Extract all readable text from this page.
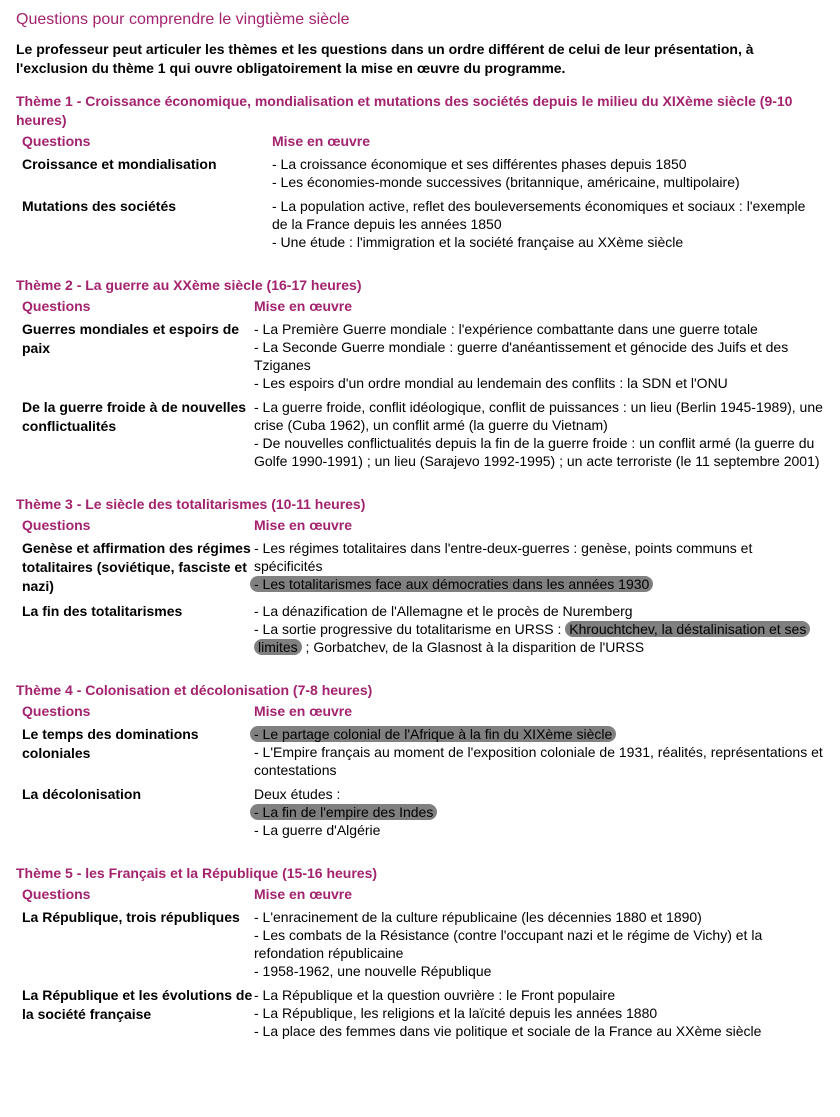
Questions pour comprendre le vingtième siècle

Le professeur peut articuler les thèmes et les questions dans un ordre différent de celui de leur présentation, à l'exclusion du thème 1 qui ouvre obligatoirement la mise en œuvre du programme.

Thème 1 - Croissance économique, mondialisation et mutations des sociétés depuis le milieu du XIXème siècle (9-10 heures)
Questions	Mise en œuvre
Croissance et mondialisation	- La croissance économique et ses différentes phases depuis 1850
- Les économies-monde successives (britannique, américaine, multipolaire)

Mutations des sociétés	- La population active, reflet des bouleversements économiques et sociaux : l'exemple de la France depuis les années 1850
- Une étude : l'immigration et la société française au XXème siècle
Thème 2 - La guerre au XXème siècle (16-17 heures)
Questions	Mise en œuvre
Guerres mondiales et espoirs de paix	- La Première Guerre mondiale : l'expérience combattante dans une guerre totale
- La Seconde Guerre mondiale : guerre d'anéantissement et génocide des Juifs et des Tziganes
- Les espoirs d'un ordre mondial au lendemain des conflits : la SDN et l'ONU

De la guerre froide à de nouvelles conflictualités	- La guerre froide, conflit idéologique, conflit de puissances : un lieu (Berlin 1945-1989), une crise (Cuba 1962), un conflit armé (la guerre du Vietnam)
- De nouvelles conflictualités depuis la fin de la guerre froide : un conflit armé (la guerre du Golfe 1990-1991) ; un lieu (Sarajevo 1992-1995) ; un acte terroriste (le 11 septembre 2001)
Thème 3 - Le siècle des totalitarismes (10-11 heures)
Questions	Mise en œuvre
Genèse et affirmation des régimes totalitaires (soviétique, fasciste et nazi)	- Les régimes totalitaires dans l'entre-deux-guerres : genèse, points communs et spécificités
- Les totalitarismes face aux démocraties dans les années 1930

La fin des totalitarismes	- La dénazification de l'Allemagne et le procès de Nuremberg
- La sortie progressive du totalitarisme en URSS : Khrouchtchev, la déstalinisation et ses limites ; Gorbatchev, de la Glasnost à la disparition de l'URSS
Thème 4 - Colonisation et décolonisation (7-8 heures)
Questions	Mise en œuvre
Le temps des dominations coloniales	- Le partage colonial de l'Afrique à la fin du XIXème siècle
- L'Empire français au moment de l'exposition coloniale de 1931, réalités, représentations et contestations

La décolonisation	Deux études :
- La fin de l'empire des Indes
- La guerre d'Algérie
Thème 5 - les Français et la République (15-16 heures)
Questions	Mise en œuvre
La République, trois républiques	- L'enracinement de la culture républicaine (les décennies 1880 et 1890)
- Les combats de la Résistance (contre l'occupant nazi et le régime de Vichy) et la refondation républicaine
- 1958-1962, une nouvelle République

La République et les évolutions de la société française	- La République et la question ouvrière : le Front populaire
- La République, les religions et la laïcité depuis les années 1880
- La place des femmes dans vie politique et sociale de la France au XXème siècle
